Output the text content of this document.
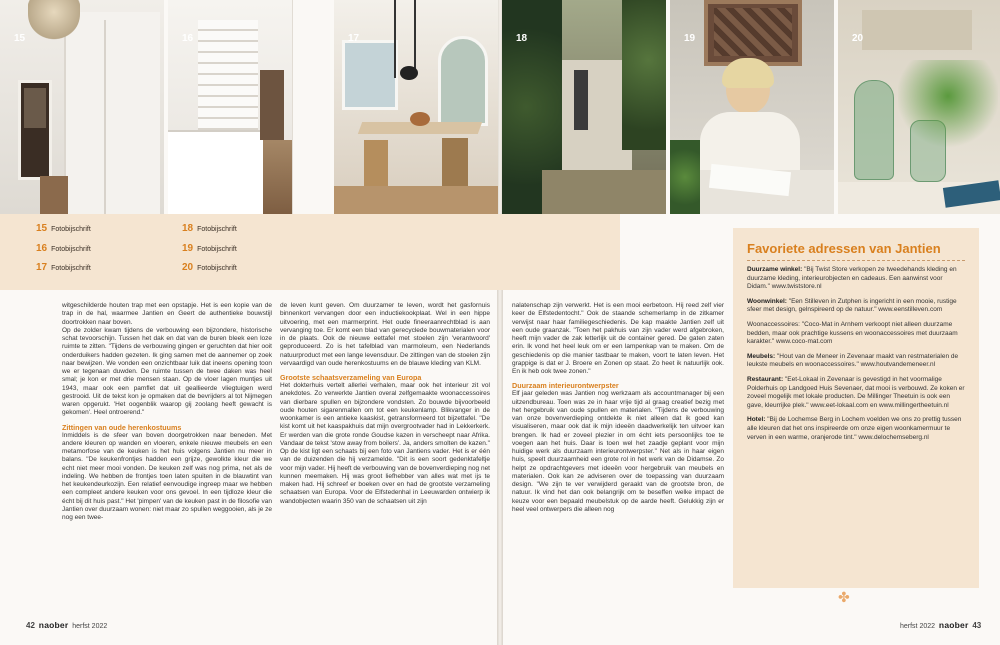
15	16	17	18	19	20
15 Fotobijschrift
16 Fotobijschrift
17 Fotobijschrift
18 Fotobijschrift
19 Fotobijschrift
20 Fotobijschrift

witgeschilderde houten trap met een opstapje. Het is een kopie van de trap in de hal, waarmee Jantien en Geert de authentieke bouwstijl doortrokken naar boven.

Op de zolder kwam tijdens de verbouwing een bijzondere, historische schat tevoorschijn. Tussen het dak en dat van de buren bleek een loze ruimte te zitten. "Tijdens de verbouwing gingen er geruchten dat hier ooit onderduikers hadden gezeten. Ik ging samen met de aannemer op zoek naar bewijzen. We vonden een onzichtbaar luik dat ineens opening toon we er tegenaan duwden. De ruimte tussen de twee daken was heel smal; je kon er met drie mensen staan. Op de vloer lagen muntjes uit 1943, maar ook een pamflet dat uit geallieerde vliegtuigen werd gestrooid. Uit de tekst kon je opmaken dat de bevrijders al tot Nijmegen waren opgerukt. 'Het oogenblik waarop gij zoolang heeft gewacht is gekomen'. Heel ontroerend."

Zittingen van oude herenkostuums

Inmiddels is de sfeer van boven doorgetrokken naar beneden. Met andere kleuren op wanden en vloeren, enkele nieuwe meubels en een metamorfose van de keuken is het huis volgens Jantien nu meer in balans. "De keukenfrontjes hadden een grijze, gewolkte kleur die we echt niet meer mooi vonden. De keuken zelf was nog prima, net als de indeling. We hebben de frontjes toen laten spuiten in de blauwtint van het keukendeurkozijn. Een relatief eenvoudige ingreep maar we hebben een compleet andere keuken voor ons gevoel. In een tijdloze kleur die écht bij dit huis past." Het 'pimpen' van de keuken past in de filosofie van Jantien over duurzaam wonen: niet maar zo spullen weggooien, als je ze nog een twee-

de leven kunt geven. Om duurzamer te leven, wordt het gasfornuis binnenkort vervangen door een inductiekookplaat. Wel in een hippe uitvoering, met een marmerprint. Het oude fineeraanrechtblad is aan vervanging toe. Er komt een blad van gerecyclede bouwmaterialen voor in de plaats. Ook de nieuwe eettafel met stoelen zijn 'verantwoord' geproduceerd. Zo is het tafelblad van marmoleum, een Nederlands natuurproduct met een lange levensduur. De zittingen van de stoelen zijn vervaardigd van oude herenkostuums en de blauwe kleding van KLM.

Grootste schaatsverzameling van Europa

Het dokterhuis vertelt allerlei verhalen, maar ook het interieur zit vol anekdotes. Zo verwerkte Jantien overal zelfgemaakte woonaccessoires van dierbare spullen en bijzondere vondsten. Zo bouwde bijvoorbeeld oude houten sigarenmallen om tot een keukenlamp. Blikvanger in de woonkamer is een antieke kaaskist, getransformeerd tot bijzettafel. "De kist komt uit het kaaspakhuis dat mijn overgrootvader had in Lekkerkerk. Er werden van die grote ronde Goudse kazen in verscheept naar Afrika. Vandaar de tekst 'stow away from boilers'. Ja, anders smolten de kazen." Op de kist ligt een schaats bij een foto van Jantiens vader. Het is er één van de duizenden die hij verzamelde. "Dit is een soort gedenktafeltje voor mijn vader. Hij heeft de verbouwing van de bovenverdieping nog net kunnen meemaken. Hij was groot liefhebber van alles wat met ijs te maken had. Hij schreef er boeken over en had de grootste verzameling schaatsen van Europa. Voor de Elfstedenhal in Leeuwarden ontwierp ik wandobjecten waarin 350 van de schaatsen uit zijn

nalatenschap zijn verwerkt. Het is een mooi eerbetoon. Hij reed zelf vier keer de Elfstedentocht." Ook de staande schemerlamp in de zitkamer verwijst naar haar familiegeschiedenis. De kap maakte Jantien zelf uit een oude graanzak. "Toen het pakhuis van zijn vader werd afgebroken, heeft mijn vader de zak letterlijk uit de container gered. De gaten zaten erin. Ik vond het heel leuk om er een lampenkap van te maken. Om de geschiedenis op die manier tastbaar te maken, voort te laten leven. Het grappige is dat er J. Broere en Zonen op staat. Zo heet ik natuurlijk ook. En ik heb ook twee zonen."

Duurzaam interieurontwerpster

Elf jaar geleden was Jantien nog werkzaam als accountmanager bij een uitzendbureau. Toen was ze in haar vrije tijd al graag creatief bezig met het hergebruik van oude spullen en materialen. "Tijdens de verbouwing van onze bovenverdieping ontdekte ik niet alleen dat ik goed kan visualiseren, maar ook dat ik mijn ideeën daadwerkelijk ten uitvoer kan brengen. Ik had er zoveel plezier in om écht iets persoonlijks toe te voegen aan het huis. Daar is toen wel het zaadje geplant voor mijn huidige werk als duurzaam interieurontwerpster." Net als in haar eigen huis, speelt duurzaamheid een grote rol in het werk van de Didamse. Zo helpt ze opdrachtgevers met ideeën voor hergebruik van meubels en materialen. Ook kan ze adviseren over de toepassing van duurzaam design. "We zijn te ver verwijderd geraakt van de grootste bron, de natuur. Ik vind het dan ook belangrijk om te beseffen welke impact de keuze voor een bepaald meubelstuk op de aarde heeft. Gelukkig zijn er heel veel ontwerpers die alleen nog

Favoriete adressen van Jantien

Duurzame winkel: "Bij Twist Store verkopen ze tweedehands kleding en duurzame kleding, interieurobjecten en cadeaus. Een aanwinst voor Didam." www.twiststore.nl

Woonwinkel: "Een Stilleven in Zutphen is ingericht in een mooie, rustige sfeer met design, gelnspireerd op de natuur." www.eenstilleven.com

Woonaccessoires: "Coco-Mat in Arnhem verkoopt niet alleen duurzame bedden, maar ook prachtige kussens en woonaccessoires met duurzaam karakter." www.coco-mat.com

Meubels: "Hout van de Meneer in Zevenaar maakt van restmaterialen de leukste meubels en woonaccessoires." www.houtvandemeneer.nl

Restaurant: "Eet-Lokaal in Zevenaar is gevestigd in het voormalige Polderhuis op Landgoed Huis Sevenaer, dat mooi is verbouwd. Ze koken er zoveel mogelijk met lokale producten. De Millinger Theetuin is ook een gave, kleurrijke plek." www.eet-lokaal.com en www.millingertheetuin.nl

Hotel: "Bij de Lochemse Berg in Lochem voelden we ons zo prettig tussen alle kleuren dat het ons inspireerde om onze eigen woonkamermuur te verven in een warme, oranjerode tint." www.delochemseberg.nl

✤
42 naober herfst 2022	herfst 2022 naober 43
